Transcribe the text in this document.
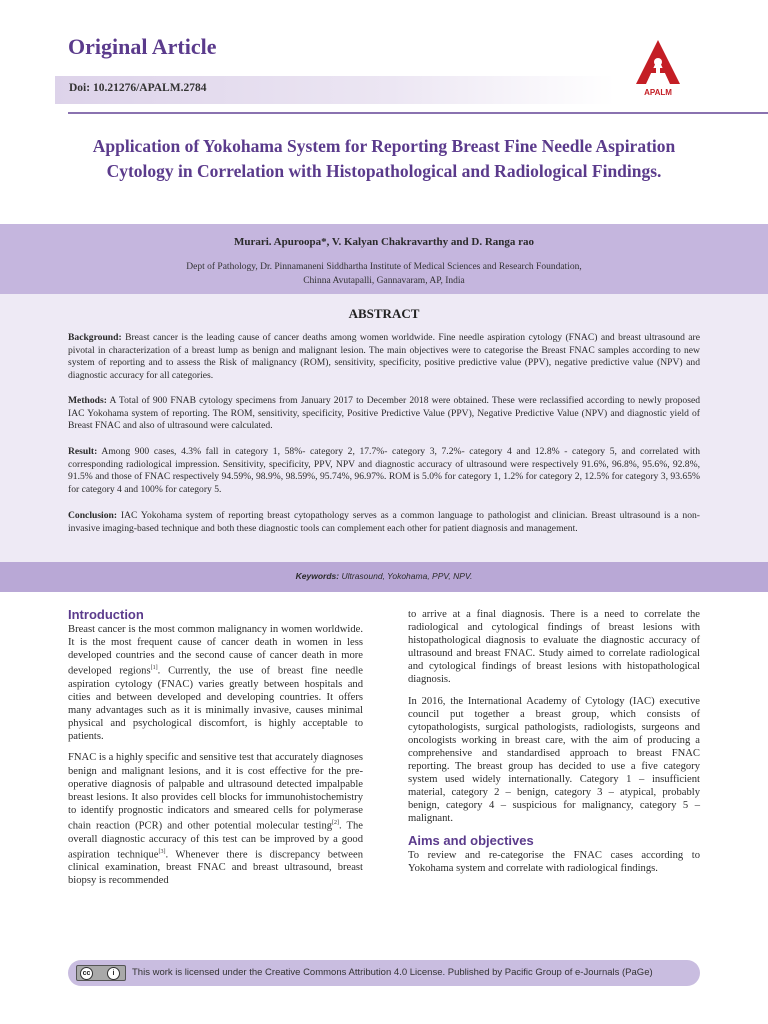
Original Article
Doi: 10.21276/APALM.2784	APALM
Application of Yokohama System for Reporting Breast Fine Needle Aspiration Cytology in Correlation with Histopathological and Radiological Findings.
Murari. Apuroopa*, V. Kalyan Chakravarthy and D. Ranga rao
Dept of Pathology, Dr. Pinnamaneni Siddhartha Institute of Medical Sciences and Research Foundation,
Chinna Avutapalli, Gannavaram, AP, India
ABSTRACT
Background: Breast cancer is the leading cause of cancer deaths among women worldwide. Fine needle aspiration cytology (FNAC) and breast ultrasound are pivotal in characterization of a breast lump as benign and malignant lesion. The main objectives were to categorise the Breast FNAC samples according to new system of reporting and to assess the Risk of malignancy (ROM), sensitivity, specificity, positive predictive value (PPV), negative predictive value (NPV) and diagnostic accuracy for all categories.
Methods: A Total of 900 FNAB cytology specimens from January 2017 to December 2018 were obtained. These were reclassified according to newly proposed IAC Yokohama system of reporting. The ROM, sensitivity, specificity, Positive Predictive Value (PPV), Negative Predictive Value (NPV) and diagnostic yield of Breast FNAC and also of ultrasound were calculated.
Result: Among 900 cases, 4.3% fall in category 1, 58%- category 2, 17.7%- category 3, 7.2%- category 4 and 12.8% - category 5, and correlated with corresponding radiological impression. Sensitivity, specificity, PPV, NPV and diagnostic accuracy of ultrasound were respectively 91.6%, 96.8%, 95.6%, 92.8%, 91.5% and those of FNAC respectively 94.59%, 98.9%, 98.59%, 95.74%, 96.97%. ROM is 5.0% for category 1, 1.2% for category 2, 12.5% for category 3, 93.65% for category 4 and 100% for category 5.
Conclusion: IAC Yokohama system of reporting breast cytopathology serves as a common language to pathologist and clinician. Breast ultrasound is a non-invasive imaging-based technique and both these diagnostic tools can complement each other for patient diagnosis and management.
Keywords: Ultrasound, Yokohama, PPV, NPV.
Introduction

Breast cancer is the most common malignancy in women worldwide. It is the most frequent cause of cancer death in women in less developed countries and the second cause of cancer death in more developed regions[1]. Currently, the use of breast fine needle aspiration cytology (FNAC) varies greatly between hospitals and cities and between developed and developing countries. It offers many advantages such as it is minimally invasive, causes minimal physical and psychological discomfort, is highly acceptable to patients.

FNAC is a highly specific and sensitive test that accurately diagnoses benign and malignant lesions, and it is cost effective for the pre-operative diagnosis of palpable and ultrasound detected impalpable breast lesions. It also provides cell blocks for immunohistochemistry to identify prognostic indicators and smeared cells for polymerase chain reaction (PCR) and other potential molecular testing[2]. The overall diagnostic accuracy of this test can be improved by a good aspiration technique[3]. Whenever there is discrepancy between clinical examination, breast FNAC and breast ultrasound, breast biopsy is recommended

to arrive at a final diagnosis. There is a need to correlate the radiological and cytological findings of breast lesions with histopathological diagnosis to evaluate the diagnostic accuracy of ultrasound and breast FNAC. Study aimed to correlate radiological and cytological findings of breast lesions with histopathological diagnosis.

In 2016, the International Academy of Cytology (IAC) executive council put together a breast group, which consists of cytopathologists, surgical pathologists, radiologists, surgeons and oncologists working in breast care, with the aim of producing a comprehensive and standardised approach to breast FNAC reporting. The breast group has decided to use a five category system used widely internationally. Category 1 – insufficient material, category 2 – benign, category 3 – atypical, probably benign, category 4 – suspicious for malignancy, category 5 – malignant.

Aims and objectives

To review and re-categorise the FNAC cases according to Yokohama system and correlate with radiological findings.

cc	i	This work is licensed under the Creative Commons Attribution 4.0 License. Published by Pacific Group of e-Journals (PaGe)
